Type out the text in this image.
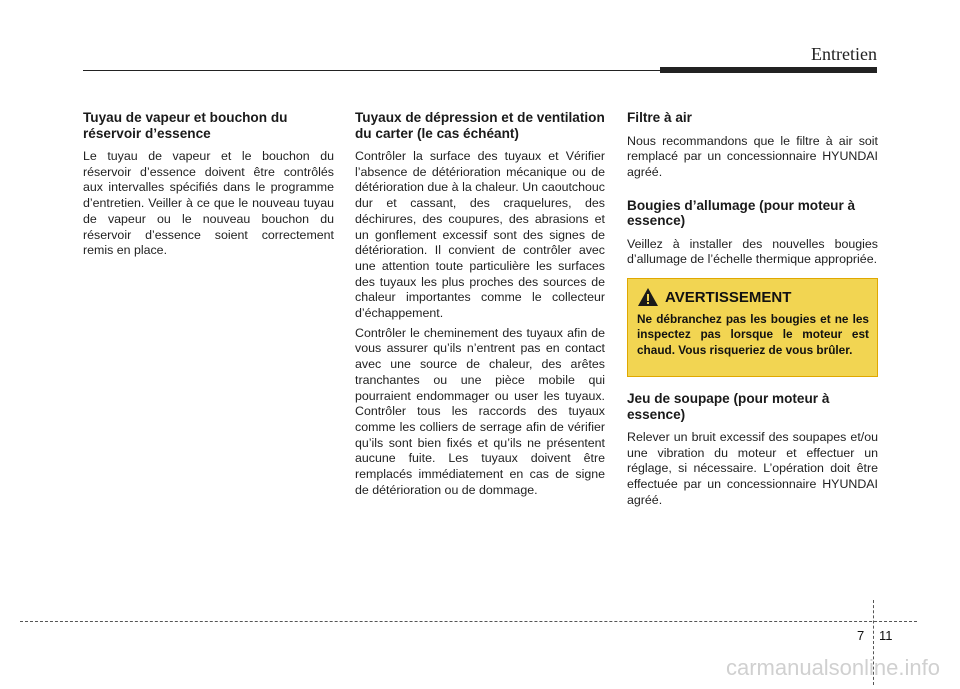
Entretien
Tuyau de vapeur et bouchon du réservoir d’essence

Le tuyau de vapeur et le bouchon du réservoir d’essence doivent être contrôlés aux intervalles spécifiés dans le programme d’entretien. Veiller à ce que le nouveau tuyau de vapeur ou le nouveau bouchon du réservoir d’essence soient correctement remis en place.

Tuyaux de dépression et de ventilation du carter (le cas échéant)

Contrôler la surface des tuyaux et Vérifier l’absence de détérioration mécanique ou de détérioration due à la chaleur. Un caoutchouc dur et cassant, des craquelures, des déchirures, des coupures, des abrasions et un gonflement excessif sont des signes de détérioration. Il convient de contrôler avec une attention toute particulière les surfaces des tuyaux les plus proches des sources de chaleur importantes comme le collecteur d’échappement.

Contrôler le cheminement des tuyaux afin de vous assurer qu’ils n’entrent pas en contact avec une source de chaleur, des arêtes tranchantes ou une pièce mobile qui pourraient endommager ou user les tuyaux. Contrôler tous les raccords des tuyaux comme les colliers de serrage afin de vérifier qu’ils sont bien fixés et qu’ils ne présentent aucune fuite. Les tuyaux doivent être remplacés immédiatement en cas de signe de détérioration ou de dommage.

Filtre à air

Nous recommandons que le filtre à air soit remplacé par un concessionnaire HYUNDAI agréé.

Bougies d’allumage (pour moteur à essence)

Veillez à installer des nouvelles bougies d’allumage de l’échelle thermique appropriée.

AVERTISSEMENT
Ne débranchez pas les bougies et ne les inspectez pas lorsque le moteur est chaud. Vous risqueriez de vous brûler.
Jeu de soupape (pour moteur à essence)

Relever un bruit excessif des soupapes et/ou une vibration du moteur et effectuer un réglage, si nécessaire. L’opération doit être effectuée par un concessionnaire HYUNDAI agréé.

7 11
carmanualsonline.info
